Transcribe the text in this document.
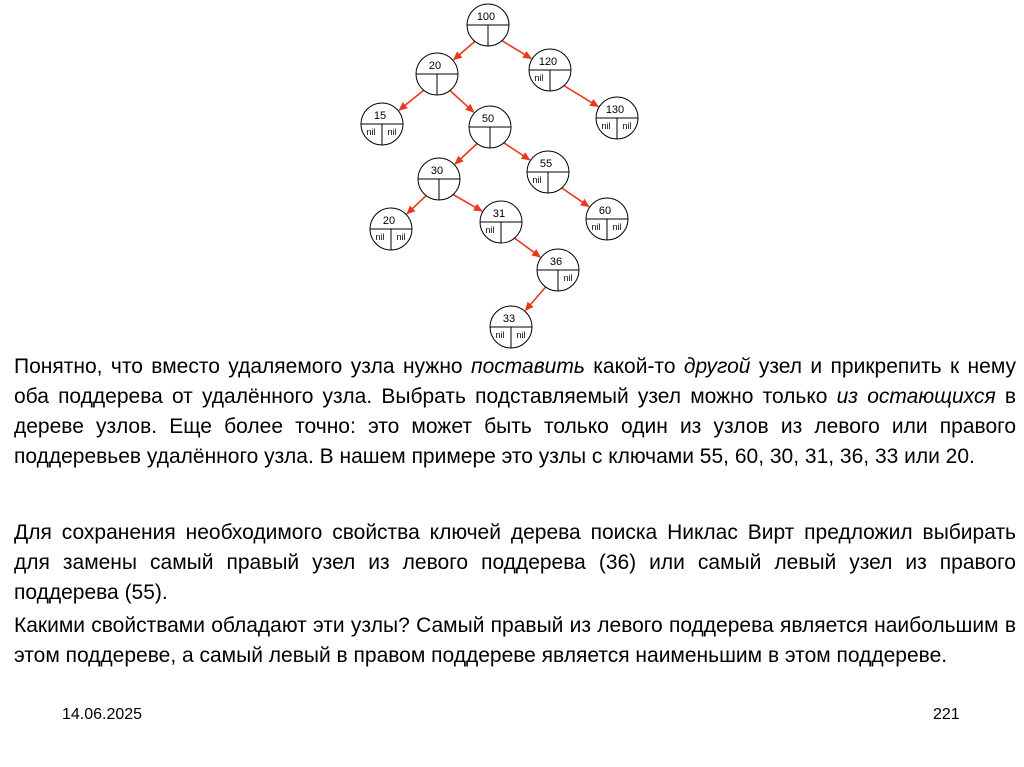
100
20	120
nil
15
nil nil
50
130
nil nil
30
55
nil
20
nil nil
31
nil
60
nil nil
36
nil
33
nil nil

Понятно, что вместо удаляемого узла нужно поставить какой-то другой узел и прикрепить к нему оба поддерева от удалённого узла. Выбрать подставляемый узел можно только из остающихся в дереве узлов. Еще более точно: это может быть только один из узлов из левого или правого поддеревьев удалённого узла. В нашем примере это узлы с ключами 55, 60, 30, 31, 36, 33 или 20.

Для сохранения необходимого свойства ключей дерева поиска Никлас Вирт предложил выбирать для замены самый правый узел из левого поддерева (36) или самый левый узел из правого поддерева (55).

Какими свойствами обладают эти узлы? Самый правый из левого поддерева является наибольшим в этом поддереве, а самый левый в правом поддереве является наименьшим в этом поддереве.

14.06.2025	221
